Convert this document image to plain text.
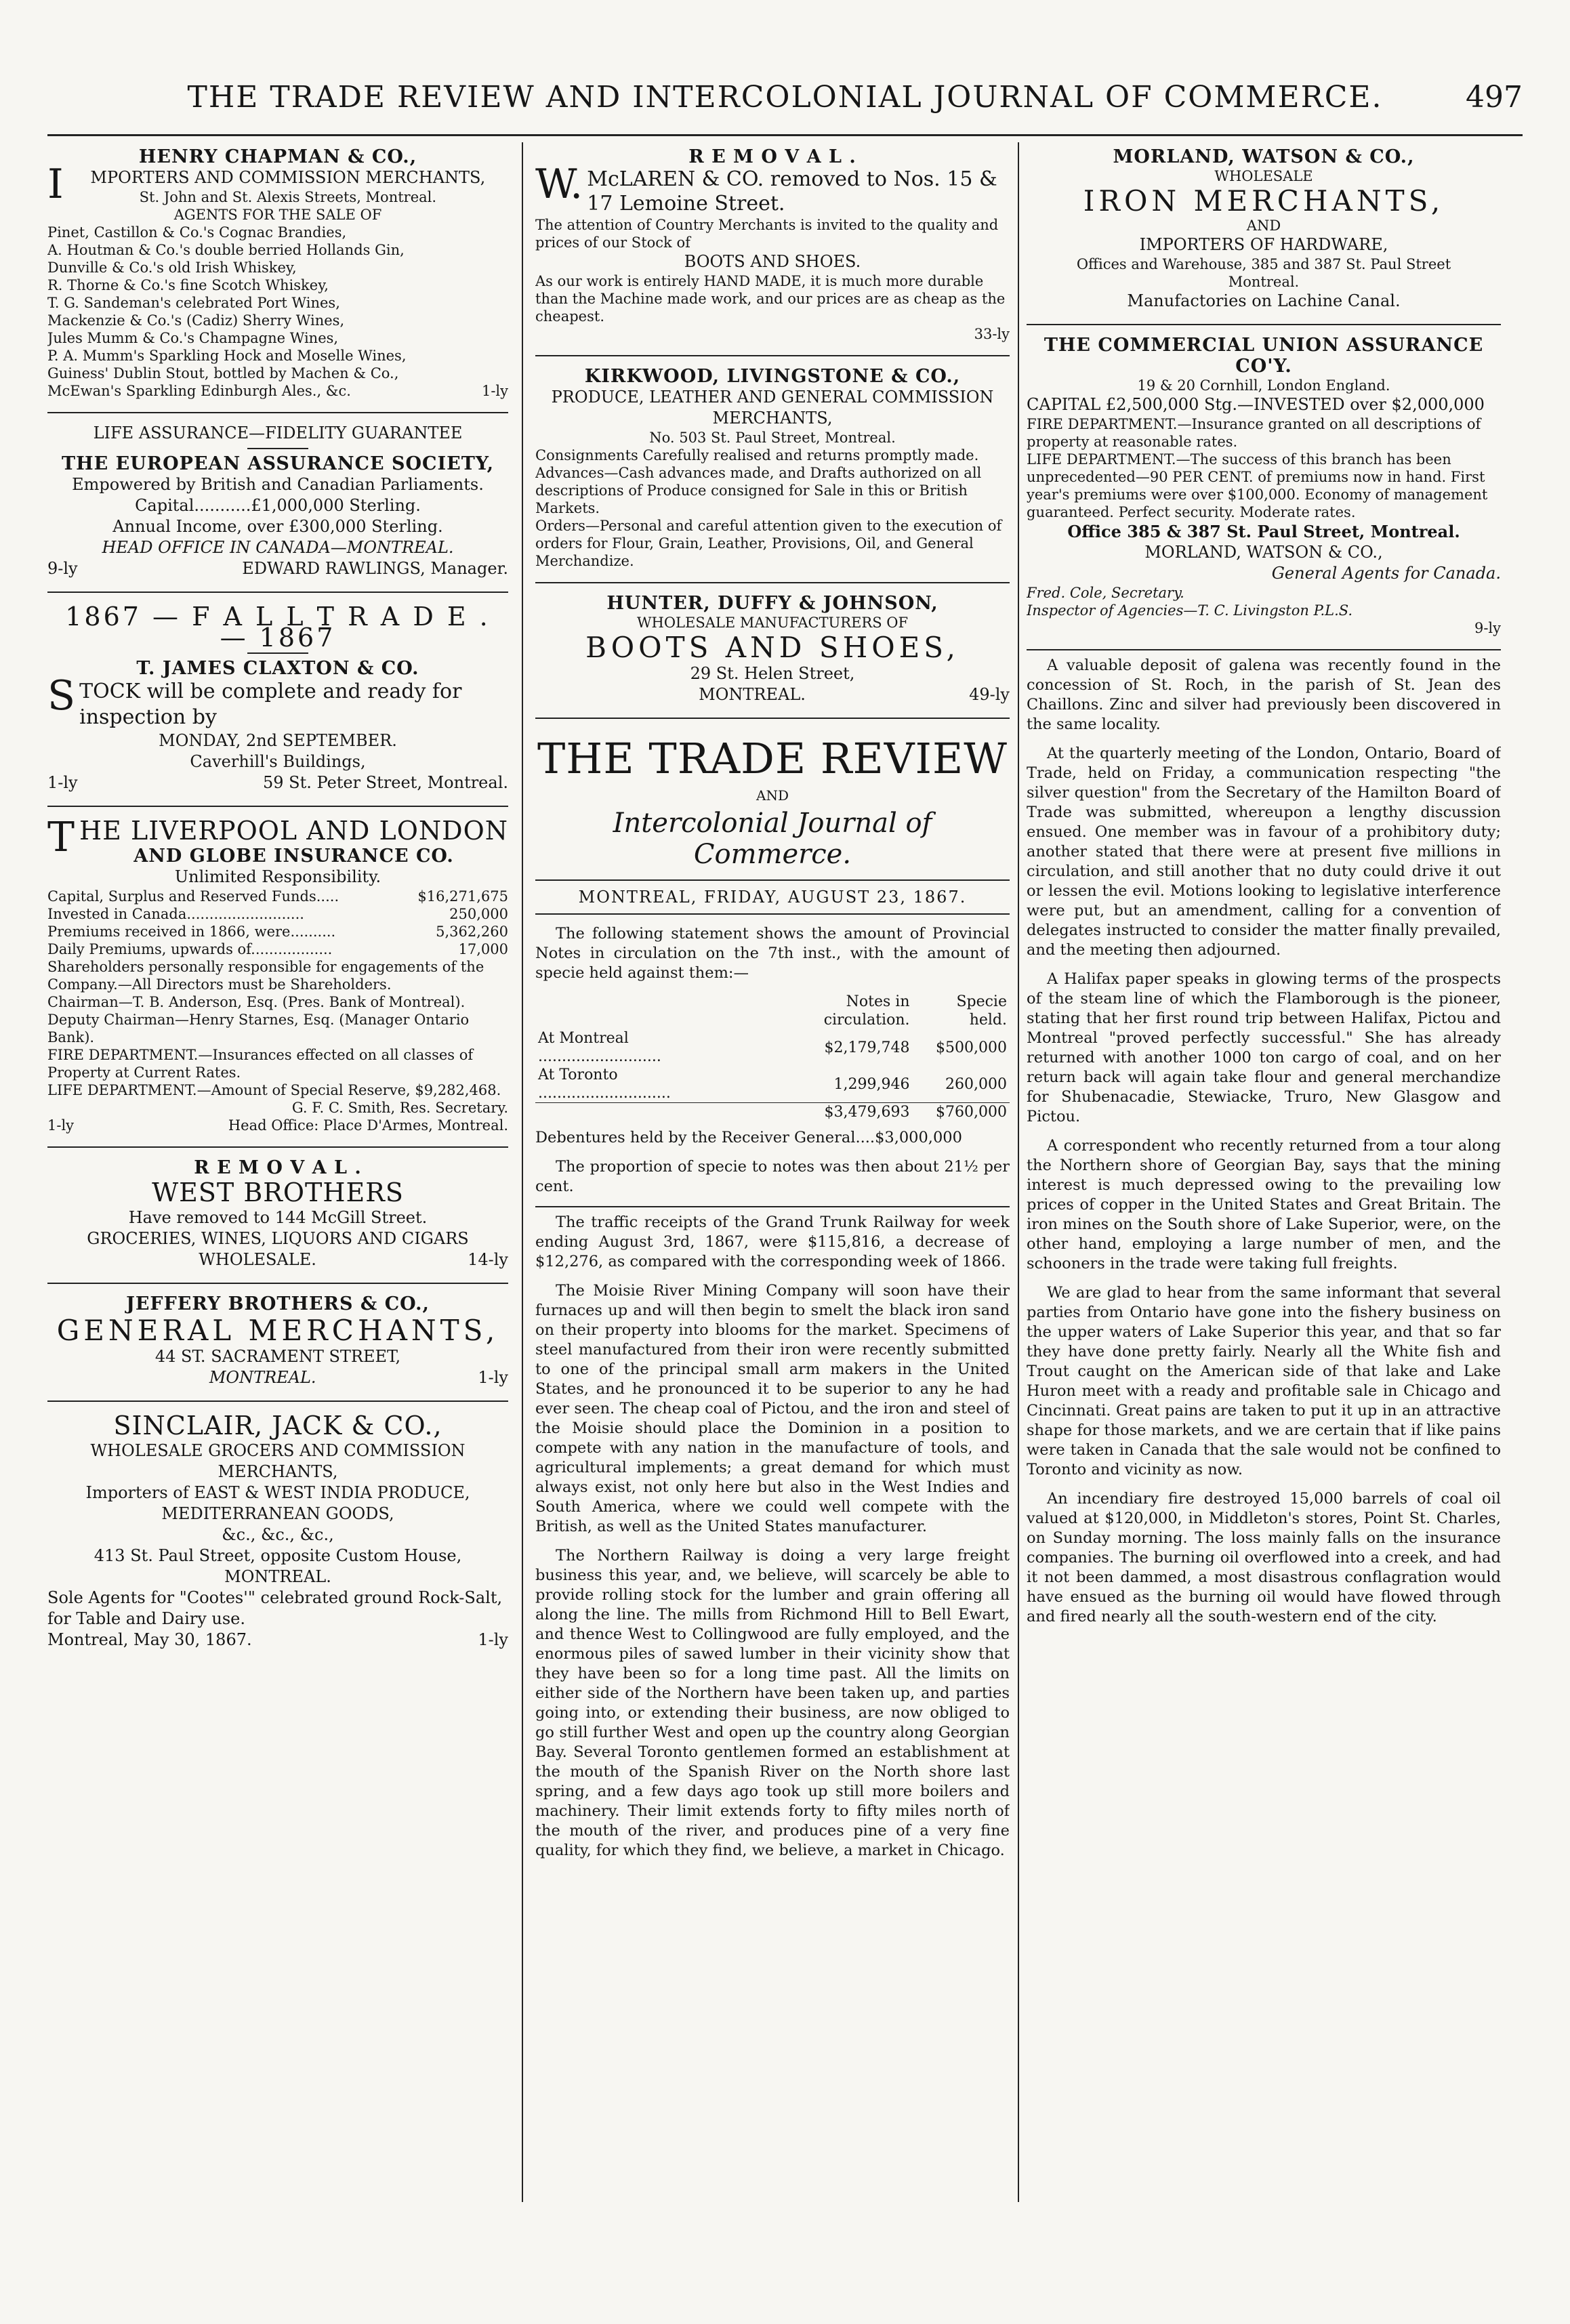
THE TRADE REVIEW AND INTERCOLONIAL JOURNAL OF COMMERCE.	497
HENRY CHAPMAN & CO.,
IMPORTERS AND COMMISSION MERCHANTS,
St. John and St. Alexis Streets, Montreal.
AGENTS FOR THE SALE OF
Pinet, Castillon & Co.'s Cognac Brandies,
A. Houtman & Co.'s double berried Hollands Gin,
Dunville & Co.'s old Irish Whiskey,
R. Thorne & Co.'s fine Scotch Whiskey,
T. G. Sandeman's celebrated Port Wines,
Mackenzie & Co.'s (Cadiz) Sherry Wines,
Jules Mumm & Co.'s Champagne Wines,
P. A. Mumm's Sparkling Hock and Moselle Wines,
Guiness' Dublin Stout, bottled by Machen & Co.,
McEwan's Sparkling Edinburgh Ales., &c.	1-ly
LIFE ASSURANCE—FIDELITY GUARANTEE
THE EUROPEAN ASSURANCE SOCIETY,
Empowered by British and Canadian Parliaments.
Capital...........£1,000,000 Sterling.
Annual Income, over £300,000 Sterling.
HEAD OFFICE IN CANADA—MONTREAL.
9-ly	EDWARD RAWLINGS, Manager.
1867 — F A L L T R A D E . — 1867
T. JAMES CLAXTON & CO.
STOCK will be complete and ready for inspection by
MONDAY, 2nd SEPTEMBER.
Caverhill's Buildings,
1-ly	59 St. Peter Street, Montreal.
THE LIVERPOOL AND LONDON
AND GLOBE INSURANCE CO.
Unlimited Responsibility.
Capital, Surplus and Reserved Funds.....	$16,271,675
Invested in Canada..........................	250,000
Premiums received in 1866, were..........	5,362,260
Daily Premiums, upwards of..................	17,000
Shareholders personally responsible for engagements of the Company.—All Directors must be Shareholders.
Chairman—T. B. Anderson, Esq. (Pres. Bank of Montreal).
Deputy Chairman—Henry Starnes, Esq. (Manager Ontario Bank).
FIRE DEPARTMENT.—Insurances effected on all classes of Property at Current Rates.
LIFE DEPARTMENT.—Amount of Special Reserve, $9,282,468.
G. F. C. Smith, Res. Secretary.
1-ly	Head Office: Place D'Armes, Montreal.
R E M O V A L .
WEST BROTHERS
Have removed to 144 McGill Street.
GROCERIES, WINES, LIQUORS AND CIGARS
WHOLESALE.	14-ly
JEFFERY BROTHERS & CO.,
GENERAL MERCHANTS,
44 ST. SACRAMENT STREET,
MONTREAL.	1-ly
SINCLAIR, JACK & CO.,
WHOLESALE GROCERS AND COMMISSION MERCHANTS,
Importers of EAST & WEST INDIA PRODUCE,
MEDITERRANEAN GOODS,
&c., &c., &c.,
413 St. Paul Street, opposite Custom House,
MONTREAL.
Sole Agents for "Cootes'" celebrated ground Rock-Salt, for Table and Dairy use.
Montreal, May 30, 1867.	1-ly
R E M O V A L .
W.McLAREN & CO. removed to Nos. 15 & 17 Lemoine Street.
The attention of Country Merchants is invited to the quality and prices of our Stock of
BOOTS AND SHOES.
As our work is entirely HAND MADE, it is much more durable than the Machine made work, and our prices are as cheap as the cheapest.
33-ly
KIRKWOOD, LIVINGSTONE & CO.,
PRODUCE, LEATHER AND GENERAL COMMISSION MERCHANTS,
No. 503 St. Paul Street, Montreal.
Consignments Carefully realised and returns promptly made.
Advances—Cash advances made, and Drafts authorized on all descriptions of Produce consigned for Sale in this or British Markets.
Orders—Personal and careful attention given to the execution of orders for Flour, Grain, Leather, Provisions, Oil, and General Merchandize.
HUNTER, DUFFY & JOHNSON,
WHOLESALE MANUFACTURERS OF
BOOTS AND SHOES,
29 St. Helen Street,
MONTREAL.	49-ly
THE TRADE REVIEW
AND
Intercolonial Journal of Commerce.
MONTREAL, FRIDAY, AUGUST 23, 1867.
The following statement shows the amount of Provincial Notes in circulation on the 7th inst., with the amount of specie held against them:—
	Notes in circulation.	Specie held.
At Montreal ..........................	$2,179,748	$500,000
At Toronto ............................	1,299,946	260,000
	$3,479,693	$760,000
Debentures held by the Receiver General....$3,000,000
The proportion of specie to notes was then about 21½ per cent.
The traffic receipts of the Grand Trunk Railway for week ending August 3rd, 1867, were $115,816, a decrease of $12,276, as compared with the corresponding week of 1866.
The Moisie River Mining Company will soon have their furnaces up and will then begin to smelt the black iron sand on their property into blooms for the market. Specimens of steel manufactured from their iron were recently submitted to one of the principal small arm makers in the United States, and he pronounced it to be superior to any he had ever seen. The cheap coal of Pictou, and the iron and steel of the Moisie should place the Dominion in a position to compete with any nation in the manufacture of tools, and agricultural implements; a great demand for which must always exist, not only here but also in the West Indies and South America, where we could well compete with the British, as well as the United States manufacturer.
The Northern Railway is doing a very large freight business this year, and, we believe, will scarcely be able to provide rolling stock for the lumber and grain offering all along the line. The mills from Richmond Hill to Bell Ewart, and thence West to Collingwood are fully employed, and the enormous piles of sawed lumber in their vicinity show that they have been so for a long time past. All the limits on either side of the Northern have been taken up, and parties going into, or extending their business, are now obliged to go still further West and open up the country along Georgian Bay. Several Toronto gentlemen formed an establishment at the mouth of the Spanish River on the North shore last spring, and a few days ago took up still more boilers and machinery. Their limit extends forty to fifty miles north of the mouth of the river, and produces pine of a very fine quality, for which they find, we believe, a market in Chicago.
MORLAND, WATSON & CO.,
WHOLESALE
IRON MERCHANTS,
AND
IMPORTERS OF HARDWARE,
Offices and Warehouse, 385 and 387 St. Paul Street
Montreal.
Manufactories on Lachine Canal.
THE COMMERCIAL UNION ASSURANCE CO'Y.
19 & 20 Cornhill, London England.
CAPITAL £2,500,000 Stg.—INVESTED over $2,000,000
FIRE DEPARTMENT.—Insurance granted on all descriptions of property at reasonable rates.
LIFE DEPARTMENT.—The success of this branch has been unprecedented—90 PER CENT. of premiums now in hand. First year's premiums were over $100,000. Economy of management guaranteed. Perfect security. Moderate rates.
Office 385 & 387 St. Paul Street, Montreal.
MORLAND, WATSON & CO.,
General Agents for Canada.
Fred. Cole, Secretary.
Inspector of Agencies—T. C. Livingston P.L.S.
9-ly
A valuable deposit of galena was recently found in the concession of St. Roch, in the parish of St. Jean des Chaillons. Zinc and silver had previously been discovered in the same locality.
At the quarterly meeting of the London, Ontario, Board of Trade, held on Friday, a communication respecting "the silver question" from the Secretary of the Hamilton Board of Trade was submitted, whereupon a lengthy discussion ensued. One member was in favour of a prohibitory duty; another stated that there were at present five millions in circulation, and still another that no duty could drive it out or lessen the evil. Motions looking to legislative interference were put, but an amendment, calling for a convention of delegates instructed to consider the matter finally prevailed, and the meeting then adjourned.
A Halifax paper speaks in glowing terms of the prospects of the steam line of which the Flamborough is the pioneer, stating that her first round trip between Halifax, Pictou and Montreal "proved perfectly successful." She has already returned with another 1000 ton cargo of coal, and on her return back will again take flour and general merchandize for Shubenacadie, Stewiacke, Truro, New Glasgow and Pictou.
A correspondent who recently returned from a tour along the Northern shore of Georgian Bay, says that the mining interest is much depressed owing to the prevailing low prices of copper in the United States and Great Britain. The iron mines on the South shore of Lake Superior, were, on the other hand, employing a large number of men, and the schooners in the trade were taking full freights.
We are glad to hear from the same informant that several parties from Ontario have gone into the fishery business on the upper waters of Lake Superior this year, and that so far they have done pretty fairly. Nearly all the White fish and Trout caught on the American side of that lake and Lake Huron meet with a ready and profitable sale in Chicago and Cincinnati. Great pains are taken to put it up in an attractive shape for those markets, and we are certain that if like pains were taken in Canada that the sale would not be confined to Toronto and vicinity as now.
An incendiary fire destroyed 15,000 barrels of coal oil valued at $120,000, in Middleton's stores, Point St. Charles, on Sunday morning. The loss mainly falls on the insurance companies. The burning oil overflowed into a creek, and had it not been dammed, a most disastrous conflagration would have ensued as the burning oil would have flowed through and fired nearly all the south-western end of the city.
